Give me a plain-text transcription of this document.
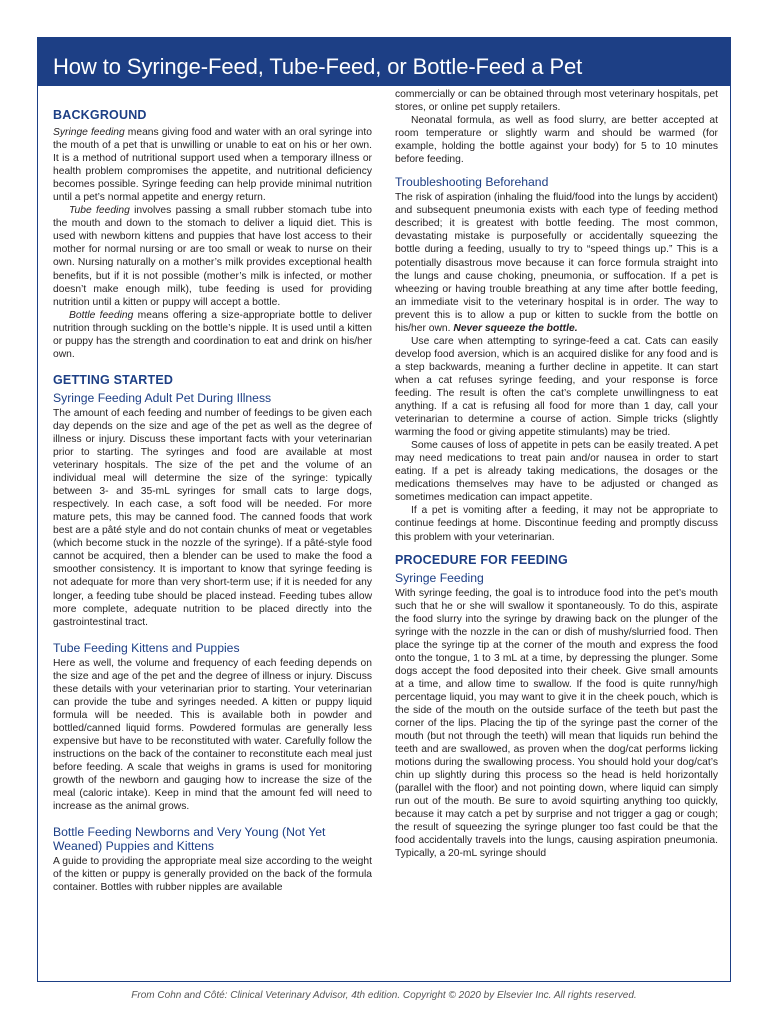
How to Syringe-Feed, Tube-Feed, or Bottle-Feed a Pet
BACKGROUND

Syringe feeding means giving food and water with an oral syringe into the mouth of a pet that is unwilling or unable to eat on his or her own. It is a method of nutritional support used when a temporary illness or health problem compromises the appetite, and nutritional deficiency becomes possible. Syringe feeding can help provide minimal nutrition until a pet’s normal appetite and energy return.

Tube feeding involves passing a small rubber stomach tube into the mouth and down to the stomach to deliver a liquid diet. This is used with newborn kittens and puppies that have lost access to their mother for normal nursing or are too small or weak to nurse on their own. Nursing naturally on a mother’s milk provides exceptional health benefits, but if it is not possible (mother’s milk is infected, or mother doesn’t make enough milk), tube feeding is used for providing nutrition until a kitten or puppy will accept a bottle.

Bottle feeding means offering a size-appropriate bottle to deliver nutrition through suckling on the bottle’s nipple. It is used until a kitten or puppy has the strength and coordination to eat and drink on his/her own.

GETTING STARTED
Syringe Feeding Adult Pet During Illness

The amount of each feeding and number of feedings to be given each day depends on the size and age of the pet as well as the degree of illness or injury. Discuss these important facts with your veterinarian prior to starting. The syringes and food are available at most veterinary hospitals. The size of the pet and the volume of an individual meal will determine the size of the syringe: typically between 3- and 35-mL syringes for small cats to large dogs, respectively. In each case, a soft food will be needed. For more mature pets, this may be canned food. The canned foods that work best are a pâté style and do not contain chunks of meat or vegetables (which become stuck in the nozzle of the syringe). If a pâté-style food cannot be acquired, then a blender can be used to make the food a smoother consistency. It is important to know that syringe feeding is not adequate for more than very short-term use; if it is needed for any longer, a feeding tube should be placed instead. Feeding tubes allow more complete, adequate nutrition to be placed directly into the gastrointestinal tract.

Tube Feeding Kittens and Puppies

Here as well, the volume and frequency of each feeding depends on the size and age of the pet and the degree of illness or injury. Discuss these details with your veterinarian prior to starting. Your veterinarian can provide the tube and syringes needed. A kitten or puppy liquid formula will be needed. This is available both in powder and bottled/canned liquid forms. Powdered formulas are generally less expensive but have to be reconstituted with water. Carefully follow the instructions on the back of the container to reconstitute each meal just before feeding. A scale that weighs in grams is used for monitoring growth of the newborn and gauging how to increase the size of the meal (caloric intake). Keep in mind that the amount fed will need to increase as the animal grows.

Bottle Feeding Newborns and Very Young (Not Yet Weaned) Puppies and Kittens

A guide to providing the appropriate meal size according to the weight of the kitten or puppy is generally provided on the back of the formula container. Bottles with rubber nipples are available

commercially or can be obtained through most veterinary hospitals, pet stores, or online pet supply retailers.

Neonatal formula, as well as food slurry, are better accepted at room temperature or slightly warm and should be warmed (for example, holding the bottle against your body) for 5 to 10 minutes before feeding.

Troubleshooting Beforehand

The risk of aspiration (inhaling the fluid/food into the lungs by accident) and subsequent pneumonia exists with each type of feeding method described; it is greatest with bottle feeding. The most common, devastating mistake is purposefully or accidentally squeezing the bottle during a feeding, usually to try to “speed things up.” This is a potentially disastrous move because it can force formula straight into the lungs and cause choking, pneumonia, or suffocation. If a pet is wheezing or having trouble breathing at any time after bottle feeding, an immediate visit to the veterinary hospital is in order. The way to prevent this is to allow a pup or kitten to suckle from the bottle on his/her own. Never squeeze the bottle.

Use care when attempting to syringe-feed a cat. Cats can easily develop food aversion, which is an acquired dislike for any food and is a step backwards, meaning a further decline in appetite. It can start when a cat refuses syringe feeding, and your response is force feeding. The result is often the cat’s complete unwillingness to eat anything. If a cat is refusing all food for more than 1 day, call your veterinarian to determine a course of action. Simple tricks (slightly warming the food or giving appetite stimulants) may be tried.

Some causes of loss of appetite in pets can be easily treated. A pet may need medications to treat pain and/or nausea in order to start eating. If a pet is already taking medications, the dosages or the medications themselves may have to be adjusted or changed as sometimes medication can impact appetite.

If a pet is vomiting after a feeding, it may not be appropriate to continue feedings at home. Discontinue feeding and promptly discuss this problem with your veterinarian.

PROCEDURE FOR FEEDING
Syringe Feeding

With syringe feeding, the goal is to introduce food into the pet’s mouth such that he or she will swallow it spontaneously. To do this, aspirate the food slurry into the syringe by drawing back on the plunger of the syringe with the nozzle in the can or dish of mushy/slurried food. Then place the syringe tip at the corner of the mouth and express the food onto the tongue, 1 to 3 mL at a time, by depressing the plunger. Some dogs accept the food deposited into their cheek. Give small amounts at a time, and allow time to swallow. If the food is quite runny/high percentage liquid, you may want to give it in the cheek pouch, which is the side of the mouth on the outside surface of the teeth but past the corner of the lips. Placing the tip of the syringe past the corner of the mouth (but not through the teeth) will mean that liquids run behind the teeth and are swallowed, as proven when the dog/cat performs licking motions during the swallowing process. You should hold your dog/cat’s chin up slightly during this process so the head is held horizontally (parallel with the floor) and not pointing down, where liquid can simply run out of the mouth. Be sure to avoid squirting anything too quickly, because it may catch a pet by surprise and not trigger a gag or cough; the result of squeezing the syringe plunger too fast could be that the food accidentally travels into the lungs, causing aspiration pneumonia. Typically, a 20-mL syringe should

From Cohn and Côté: Clinical Veterinary Advisor, 4th edition. Copyright © 2020 by Elsevier Inc. All rights reserved.
